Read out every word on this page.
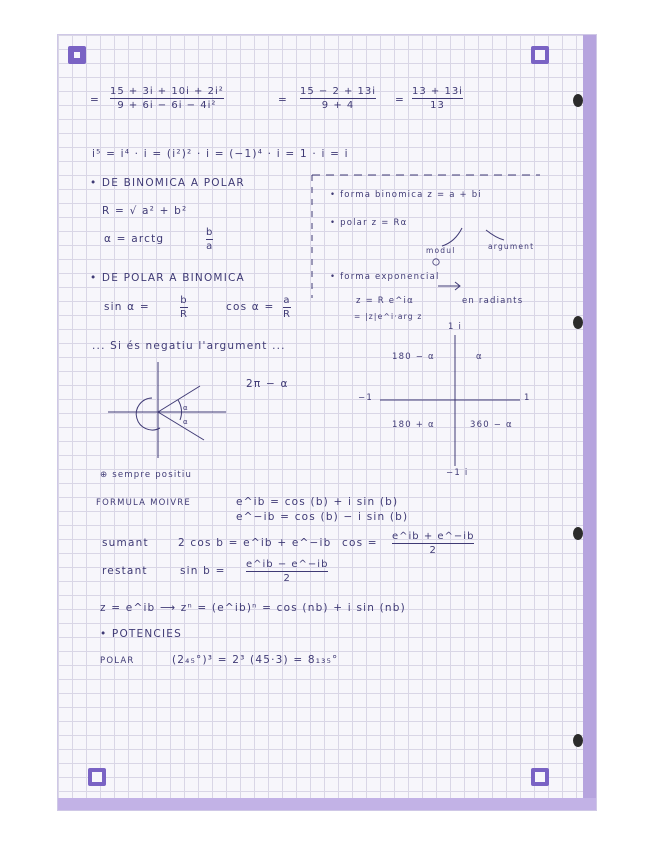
=
15 + 3i + 10i + 2i²
9 + 6i − 6i − 4i²	=
15 − 2 + 13i
9 + 4	=
13 + 13i
13
i⁵ = i⁴ · i = (i²)² · i = (−1)⁴ · i = 1 · i = i
• DE BINOMICA A POLAR
R = √ a² + b²
α = arctg
b
a
• forma binomica z = a + bi
• polar z = Rα
modul	argument
• forma exponencial
z = R e^iα	en radiants
= |z|e^i·arg z
• DE POLAR A BINOMICA
sin α =
b
R
cos α =
a
R
... Si és negatiu l'argument ...
2π − α
1 i
180 − α	α
−1	1
180 + α	360 − α
−1 i
⊕ sempre positiu
FORMULA MOIVRE	e^ib = cos (b) + i sin (b)
e^−ib = cos (b) − i sin (b)
sumant	2 cos b = e^ib + e^−ib cos =
e^ib + e^−ib
2
restant	sin b =
e^ib − e^−ib
2
z = e^ib ⟶ zⁿ = (e^ib)ⁿ = cos (nb) + i sin (nb)
• POTENCIES
POLAR	(2₄₅°)³ = 2³ (45·3) = 8₁₃₅°
α
α
